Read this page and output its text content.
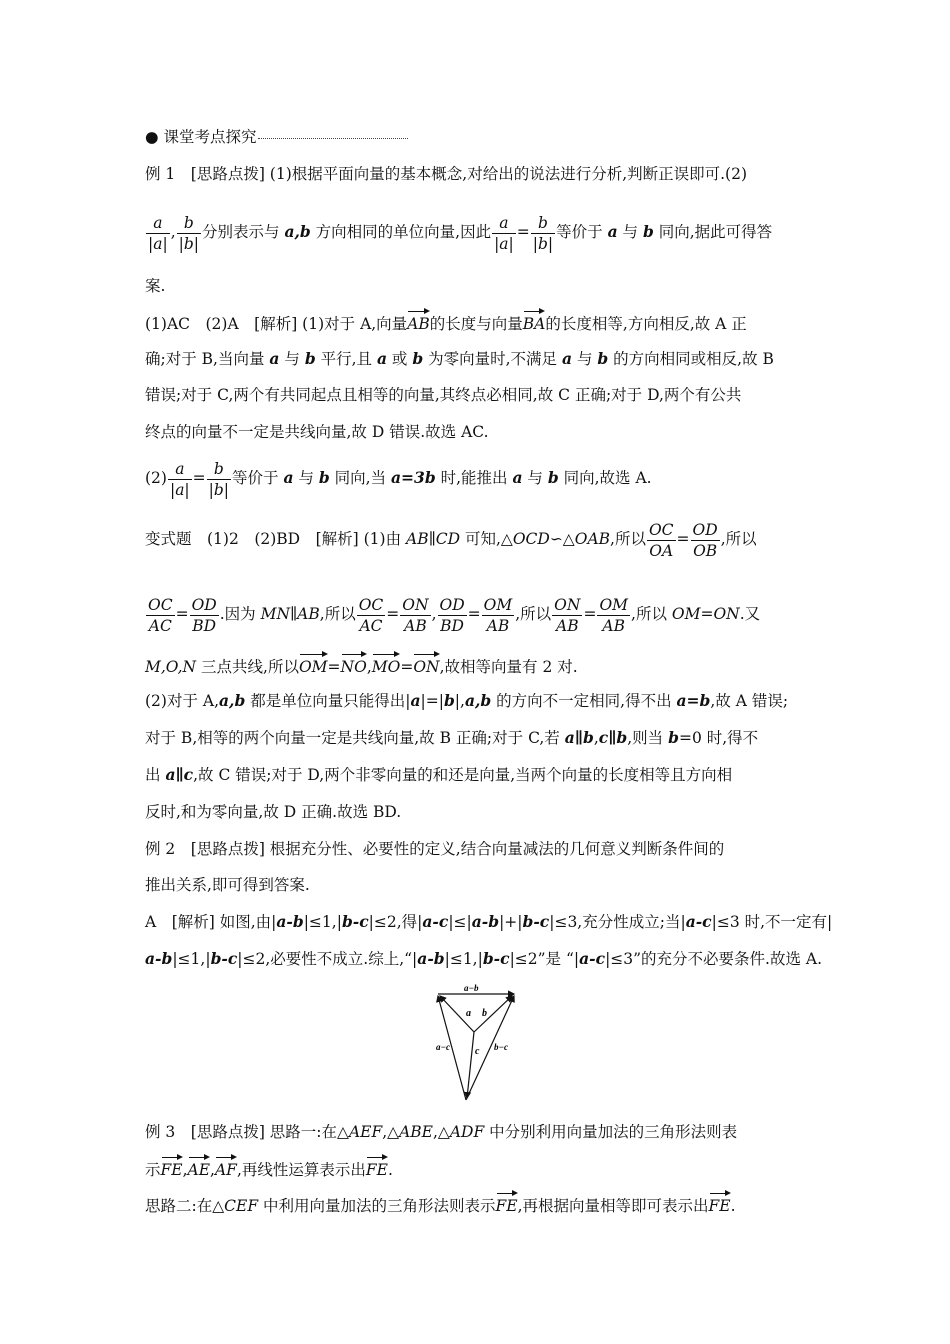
● 课堂考点探究
例 1　[思路点拨] (1)根据平面向量的基本概念,对给出的说法进行分析,判断正误即可.(2)
$\frac{a}{|a|}$ , $\frac{b}{|b|}$ 分别表示与 a,b 方向相同的单位向量,因此 $\frac{a}{|a|} = \frac{b}{|b|}$ 等价于 a 与 b 同向,据此可得答
案.
(1)AC　(2)A　[解析] (1)对于 A,向量AB的长度与向量BA的长度相等,方向相反,故 A 正
确;对于 B,当向量 a 与 b 平行,且 a 或 b 为零向量时,不满足 a 与 b 的方向相同或相反,故 B
错误;对于 C,两个有共同起点且相等的向量,其终点必相同,故 C 正确;对于 D,两个有公共
终点的向量不一定是共线向量,故 D 错误.故选 AC.
$(2) \frac{a}{|a|} = \frac{b}{|b|}$ 等价于 a 与 b 同向,当 a=3b 时,能推出 a 与 b 同向,故选 A.
变式题　(1)2　(2)BD　[解析] (1)由 AB∥CD 可知,△OCD∽△OAB,所以 $\frac{OC}{OA} = \frac{OD}{OB}$ ,所以
$\frac{OC}{AC} = \frac{OD}{BD}$ .因为 MN∥AB,所以 $\frac{OC}{AC} = \frac{ON}{AB}$ , $\frac{OD}{BD} = \frac{OM}{AB}$ ,所以 $\frac{ON}{AB} = \frac{OM}{AB}$ ,所以 OM=ON.又
M,O,N 三点共线,所以OM=NO,MO=ON,故相等向量有 2 对.
(2)对于 A,a,b 都是单位向量只能得出|a|=|b|,a,b 的方向不一定相同,得不出 a=b,故 A 错误;
对于 B,相等的两个向量一定是共线向量,故 B 正确;对于 C,若 a∥b,c∥b,则当 b=0 时,得不
出 a∥c,故 C 错误;对于 D,两个非零向量的和还是向量,当两个向量的长度相等且方向相
反时,和为零向量,故 D 正确.故选 BD.
例 2　[思路点拨] 根据充分性、必要性的定义,结合向量减法的几何意义判断条件间的
推出关系,即可得到答案.
A　[解析] 如图,由|a-b|≤1,|b-c|≤2,得|a-c|≤|a-b|+|b-c|≤3,充分性成立;当|a-c|≤3 时,不一定有|
a-b|≤1,|b-c|≤2,必要性不成立.综上,“|a-b|≤1,|b-c|≤2”是 “|a-c|≤3”的充分不必要条件.故选 A.
a−b
a b
a−c	c b−c
例 3　[思路点拨] 思路一:在△AEF,△ABE,△ADF 中分别利用向量加法的三角形法则表
示FE,AE,AF,再线性运算表示出FE.
思路二:在△CEF 中利用向量加法的三角形法则表示FE,再根据向量相等即可表示出FE.
